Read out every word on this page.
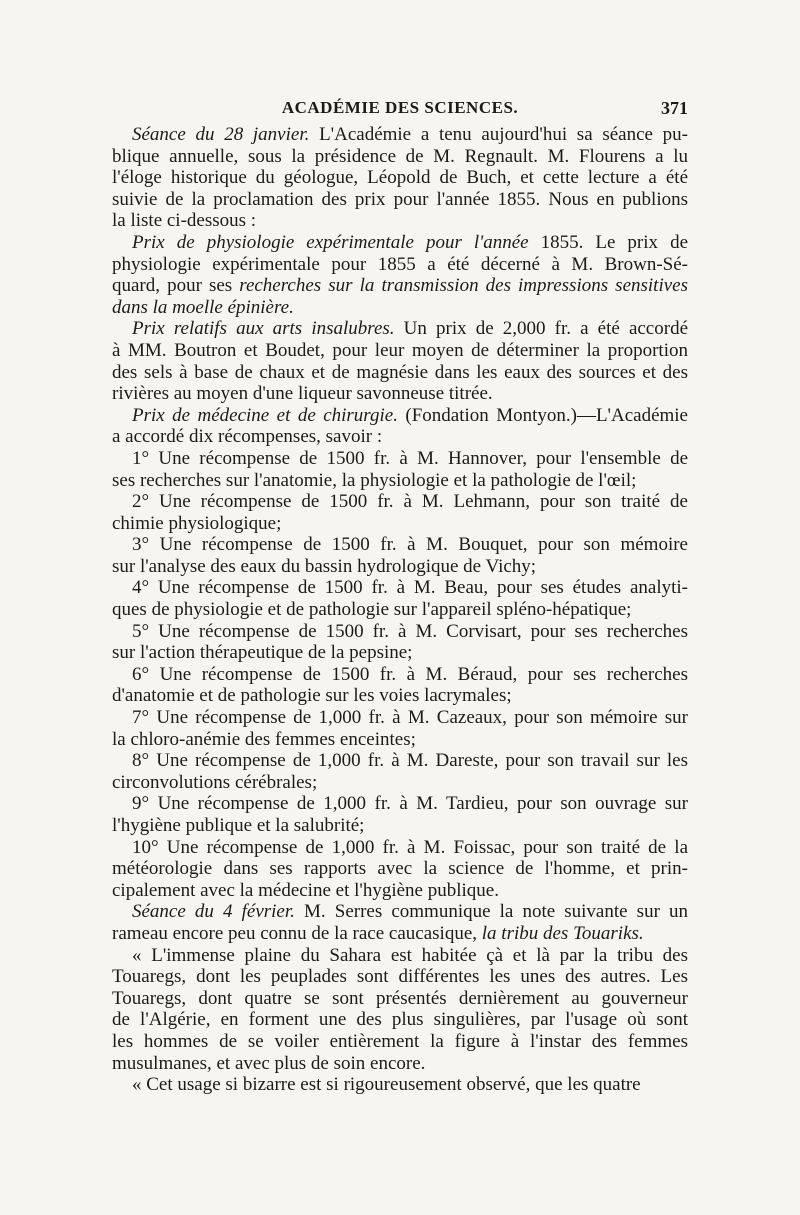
ACADÉMIE DES SCIENCES.	371
Séance du 28 janvier. L'Académie a tenu aujourd'hui sa séance pu-
blique annuelle, sous la présidence de M. Regnault. M. Flourens a lu
l'éloge historique du géologue, Léopold de Buch, et cette lecture a été
suivie de la proclamation des prix pour l'année 1855. Nous en publions
la liste ci-dessous :
Prix de physiologie expérimentale pour l'année 1855. Le prix de
physiologie expérimentale pour 1855 a été décerné à M. Brown-Sé-
quard, pour ses recherches sur la transmission des impressions sensitives
dans la moelle épinière.
Prix relatifs aux arts insalubres. Un prix de 2,000 fr. a été accordé
à MM. Boutron et Boudet, pour leur moyen de déterminer la proportion
des sels à base de chaux et de magnésie dans les eaux des sources et des
rivières au moyen d'une liqueur savonneuse titrée.
Prix de médecine et de chirurgie. (Fondation Montyon.)—L'Académie
a accordé dix récompenses, savoir :
1° Une récompense de 1500 fr. à M. Hannover, pour l'ensemble de
ses recherches sur l'anatomie, la physiologie et la pathologie de l'œil;
2° Une récompense de 1500 fr. à M. Lehmann, pour son traité de
chimie physiologique;
3° Une récompense de 1500 fr. à M. Bouquet, pour son mémoire
sur l'analyse des eaux du bassin hydrologique de Vichy;
4° Une récompense de 1500 fr. à M. Beau, pour ses études analyti-
ques de physiologie et de pathologie sur l'appareil spléno-hépatique;
5° Une récompense de 1500 fr. à M. Corvisart, pour ses recherches
sur l'action thérapeutique de la pepsine;
6° Une récompense de 1500 fr. à M. Béraud, pour ses recherches
d'anatomie et de pathologie sur les voies lacrymales;
7° Une récompense de 1,000 fr. à M. Cazeaux, pour son mémoire sur
la chloro-anémie des femmes enceintes;
8° Une récompense de 1,000 fr. à M. Dareste, pour son travail sur les
circonvolutions cérébrales;
9° Une récompense de 1,000 fr. à M. Tardieu, pour son ouvrage sur
l'hygiène publique et la salubrité;
10° Une récompense de 1,000 fr. à M. Foissac, pour son traité de la
météorologie dans ses rapports avec la science de l'homme, et prin-
cipalement avec la médecine et l'hygiène publique.
Séance du 4 février. M. Serres communique la note suivante sur un
rameau encore peu connu de la race caucasique, la tribu des Touariks.
« L'immense plaine du Sahara est habitée çà et là par la tribu des
Touaregs, dont les peuplades sont différentes les unes des autres. Les
Touaregs, dont quatre se sont présentés dernièrement au gouverneur
de l'Algérie, en forment une des plus singulières, par l'usage où sont
les hommes de se voiler entièrement la figure à l'instar des femmes
musulmanes, et avec plus de soin encore.
« Cet usage si bizarre est si rigoureusement observé, que les quatre
